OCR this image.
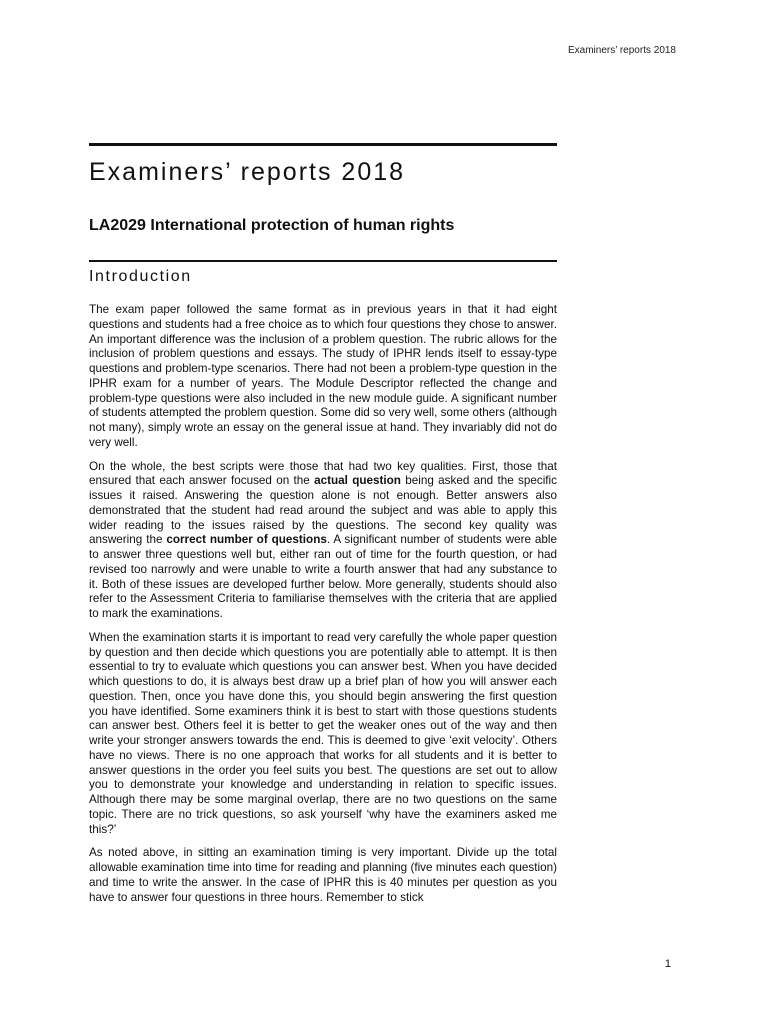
Examiners’ reports 2018
Examiners’ reports 2018
LA2029 International protection of human rights
Introduction

The exam paper followed the same format as in previous years in that it had eight questions and students had a free choice as to which four questions they chose to answer. An important difference was the inclusion of a problem question. The rubric allows for the inclusion of problem questions and essays. The study of IPHR lends itself to essay-type questions and problem-type scenarios. There had not been a problem-type question in the IPHR exam for a number of years. The Module Descriptor reflected the change and problem-type questions were also included in the new module guide. A significant number of students attempted the problem question. Some did so very well, some others (although not many), simply wrote an essay on the general issue at hand. They invariably did not do very well.

On the whole, the best scripts were those that had two key qualities. First, those that ensured that each answer focused on the actual question being asked and the specific issues it raised. Answering the question alone is not enough. Better answers also demonstrated that the student had read around the subject and was able to apply this wider reading to the issues raised by the questions. The second key quality was answering the correct number of questions. A significant number of students were able to answer three questions well but, either ran out of time for the fourth question, or had revised too narrowly and were unable to write a fourth answer that had any substance to it. Both of these issues are developed further below. More generally, students should also refer to the Assessment Criteria to familiarise themselves with the criteria that are applied to mark the examinations.

When the examination starts it is important to read very carefully the whole paper question by question and then decide which questions you are potentially able to attempt. It is then essential to try to evaluate which questions you can answer best. When you have decided which questions to do, it is always best draw up a brief plan of how you will answer each question. Then, once you have done this, you should begin answering the first question you have identified. Some examiners think it is best to start with those questions students can answer best. Others feel it is better to get the weaker ones out of the way and then write your stronger answers towards the end. This is deemed to give ‘exit velocity’. Others have no views. There is no one approach that works for all students and it is better to answer questions in the order you feel suits you best. The questions are set out to allow you to demonstrate your knowledge and understanding in relation to specific issues. Although there may be some marginal overlap, there are no two questions on the same topic. There are no trick questions, so ask yourself ‘why have the examiners asked me this?’

As noted above, in sitting an examination timing is very important. Divide up the total allowable examination time into time for reading and planning (five minutes each question) and time to write the answer. In the case of IPHR this is 40 minutes per question as you have to answer four questions in three hours. Remember to stick

1
